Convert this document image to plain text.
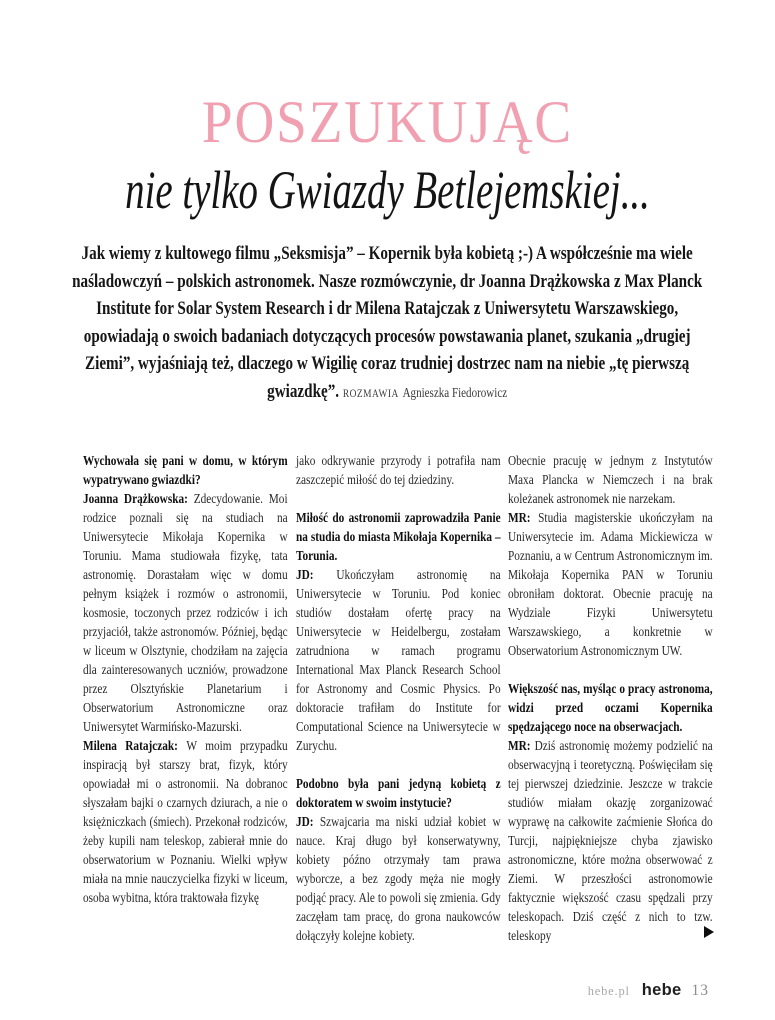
POSZUKUJĄC
nie tylko Gwiazdy Betlejemskiej...

Jak wiemy z kultowego filmu „Seksmisja” – Kopernik była kobietą ;-) A współcześnie ma wiele naśladowczyń – polskich astronomek. Nasze rozmówczynie, dr Joanna Drążkowska z Max Planck Institute for Solar System Research i dr Milena Ratajczak z Uniwersytetu Warszawskiego, opowiadają o swoich badaniach dotyczących procesów powstawania planet, szukania „drugiej Ziemi”, wyjaśniają też, dlaczego w Wigilię coraz trudniej dostrzec nam na niebie „tę pierwszą gwiazdkę”. ROZMAWIA Agnieszka Fiedorowicz

Wychowała się pani w domu, w którym wypatrywano gwiazdki?

Joanna Drążkowska: Zdecydowanie. Moi rodzice poznali się na studiach na Uniwersytecie Mikołaja Kopernika w Toruniu. Mama studiowała fizykę, tata astronomię. Dorastałam więc w domu pełnym książek i rozmów o astronomii, kosmosie, toczonych przez rodziców i ich przyjaciół, także astronomów. Później, będąc w liceum w Olsztynie, chodziłam na zajęcia dla zainteresowanych uczniów, prowadzone przez Olsztyńskie Planetarium i Obserwatorium Astronomiczne oraz Uniwersytet Warmińsko-Mazurski.

Milena Ratajczak: W moim przypadku inspiracją był starszy brat, fizyk, który opowiadał mi o astronomii. Na dobranoc słyszałam bajki o czarnych dziurach, a nie o księżniczkach (śmiech). Przekonał rodziców, żeby kupili nam teleskop, zabierał mnie do obserwatorium w Poznaniu. Wielki wpływ miała na mnie nauczycielka fizyki w liceum, osoba wybitna, która traktowała fizykę

jako odkrywanie przyrody i potrafiła nam zaszczepić miłość do tej dziedziny.

Miłość do astronomii zaprowadziła Panie na studia do miasta Mikołaja Kopernika – Torunia.

JD: Ukończyłam astronomię na Uniwersytecie w Toruniu. Pod koniec studiów dostałam ofertę pracy na Uniwersytecie w Heidelbergu, zostałam zatrudniona w ramach programu International Max Planck Research School for Astronomy and Cosmic Physics. Po doktoracie trafiłam do Institute for Computational Science na Uniwersytecie w Zurychu.

Podobno była pani jedyną kobietą z doktoratem w swoim instytucie?

JD: Szwajcaria ma niski udział kobiet w nauce. Kraj długo był konserwatywny, kobiety późno otrzymały tam prawa wyborcze, a bez zgody męża nie mogły podjąć pracy. Ale to powoli się zmienia. Gdy zaczęłam tam pracę, do grona naukowców dołączyły kolejne kobiety.

Obecnie pracuję w jednym z Instytutów Maxa Plancka w Niemczech i na brak koleżanek astronomek nie narzekam.

MR: Studia magisterskie ukończyłam na Uniwersytecie im. Adama Mickiewicza w Poznaniu, a w Centrum Astronomicznym im. Mikołaja Kopernika PAN w Toruniu obroniłam doktorat. Obecnie pracuję na Wydziale Fizyki Uniwersytetu Warszawskiego, a konkretnie w Obserwatorium Astronomicznym UW.

Większość nas, myśląc o pracy astronoma, widzi przed oczami Kopernika spędzającego noce na obserwacjach.

MR: Dziś astronomię możemy podzielić na obserwacyjną i teoretyczną. Poświęciłam się tej pierwszej dziedzinie. Jeszcze w trakcie studiów miałam okazję zorganizować wyprawę na całkowite zaćmienie Słońca do Turcji, najpiękniejsze chyba zjawisko astronomiczne, które można obserwować z Ziemi. W przeszłości astronomowie faktycznie większość czasu spędzali przy teleskopach. Dziś część z nich to tzw. teleskopy

hebe.pl hebe 13
